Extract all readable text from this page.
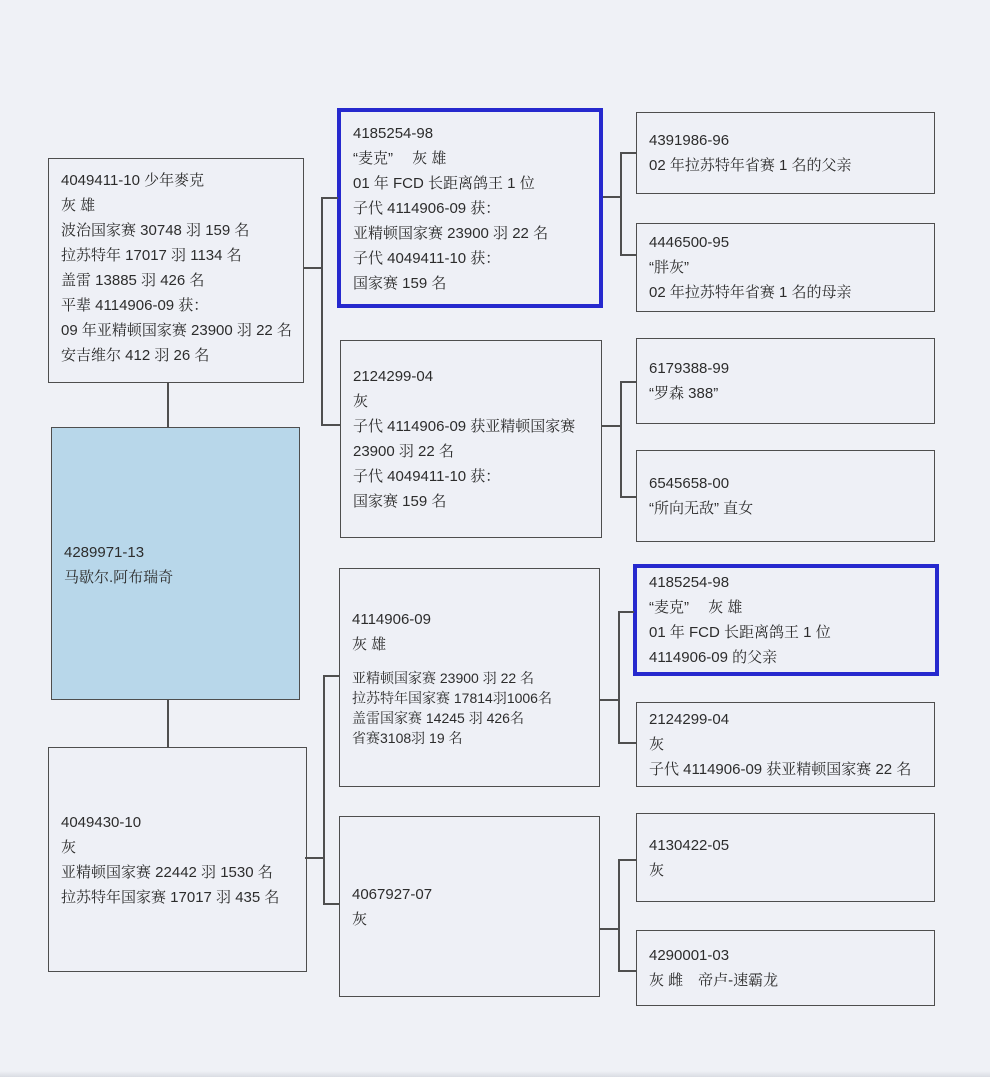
4049411-10 少年麥克
灰 雄
波治国家赛 30748 羽 159 名
拉苏特年 17017 羽 1134 名
盖雷 13885 羽 426 名
平辈 4114906-09 获：
09 年亚精顿国家赛 23900 羽 22 名
安吉维尔 412 羽 26 名
4289971-13
马歇尔.阿布瑞奇
4049430-10
灰
亚精顿国家赛 22442 羽 1530 名
拉苏特年国家赛 17017 羽 435 名
4185254-98
“麦克”　 灰 雄
01 年 FCD 长距离鸽王 1 位
子代 4114906-09 获：
亚精顿国家赛 23900 羽 22 名
子代 4049411-10 获：
国家赛 159 名
2124299-04
灰
子代 4114906-09 获亚精顿国家赛
23900 羽 22 名
子代 4049411-10 获：
国家赛 159 名
4114906-09
灰 雄
亚精顿国家赛 23900 羽 22 名
拉苏特年国家赛 17814羽1006名
盖雷国家赛 14245 羽 426名
省赛3108羽 19 名
4067927-07
灰
4391986-96
02 年拉苏特年省赛 1 名的父亲
4446500-95
“胖灰”
02 年拉苏特年省赛 1 名的母亲
6179388-99
“罗森 388”
6545658-00
“所向无敌” 直女
4185254-98
“麦克”　 灰 雄
01 年 FCD 长距离鸽王 1 位
4114906-09 的父亲
2124299-04
灰
子代 4114906-09 获亚精顿国家赛 22 名
4130422-05
灰
4290001-03
灰 雌　帝卢-速霸龙
